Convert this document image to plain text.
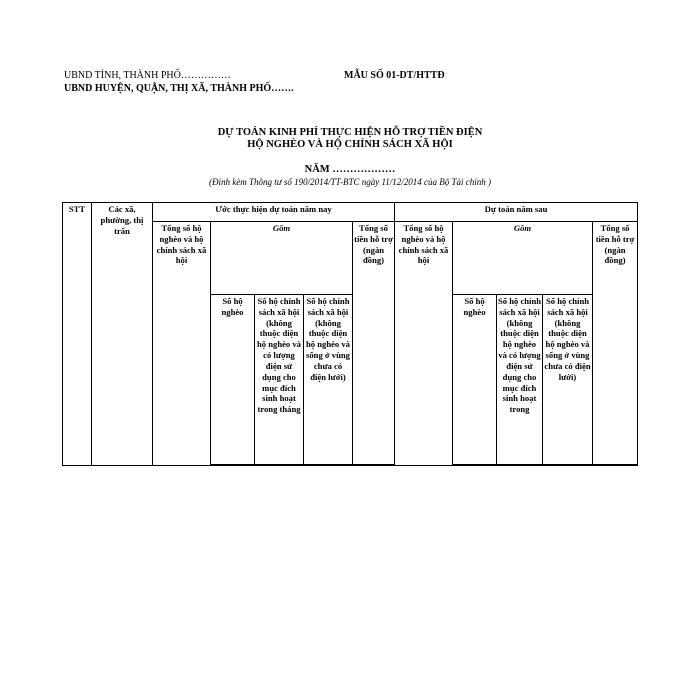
UBND TỈNH, THÀNH PHỐ……………
UBND HUYỆN, QUẬN, THỊ XÃ, THÀNH PHỐ…….
MẪU SỐ 01-DT/HTTĐ
DỰ TOÁN KINH PHÍ THỰC HIỆN HỖ TRỢ TIỀN ĐIỆN
HỘ NGHÈO VÀ HỘ CHÍNH SÁCH XÃ HỘI
NĂM ………………
(Đính kèm Thông tư số 190/2014/TT-BTC ngày 11/12/2014 của Bộ Tài chính )
STT	Các xã, phường, thị trấn	Ước thực hiện dự toán năm nay					Dự toán năm sau				
		Tổng số hộ nghèo và hộ chính sách xã hội	Gồm			Tổng số tiền hỗ trợ (ngàn đồng)	Tổng số hộ nghèo và hộ chính sách xã hội	Gồm			Tổng số tiền hỗ trợ (ngàn đồng)
			Số hộ nghèo	Số hộ chính sách xã hội (không thuộc diện hộ nghèo và có lượng điện sử dụng cho mục đích sinh hoạt trong tháng	Số hộ chính sách xã hội (không thuộc diện hộ nghèo và sống ở vùng chưa có điện lưới)			Số hộ nghèo	Số hộ chính sách xã hội (không thuộc diện hộ nghèo và có lượng điện sử dụng cho mục đích sinh hoạt trong	Số hộ chính sách xã hội (không thuộc diện hộ nghèo và sống ở vùng chưa có điện lưới)	
